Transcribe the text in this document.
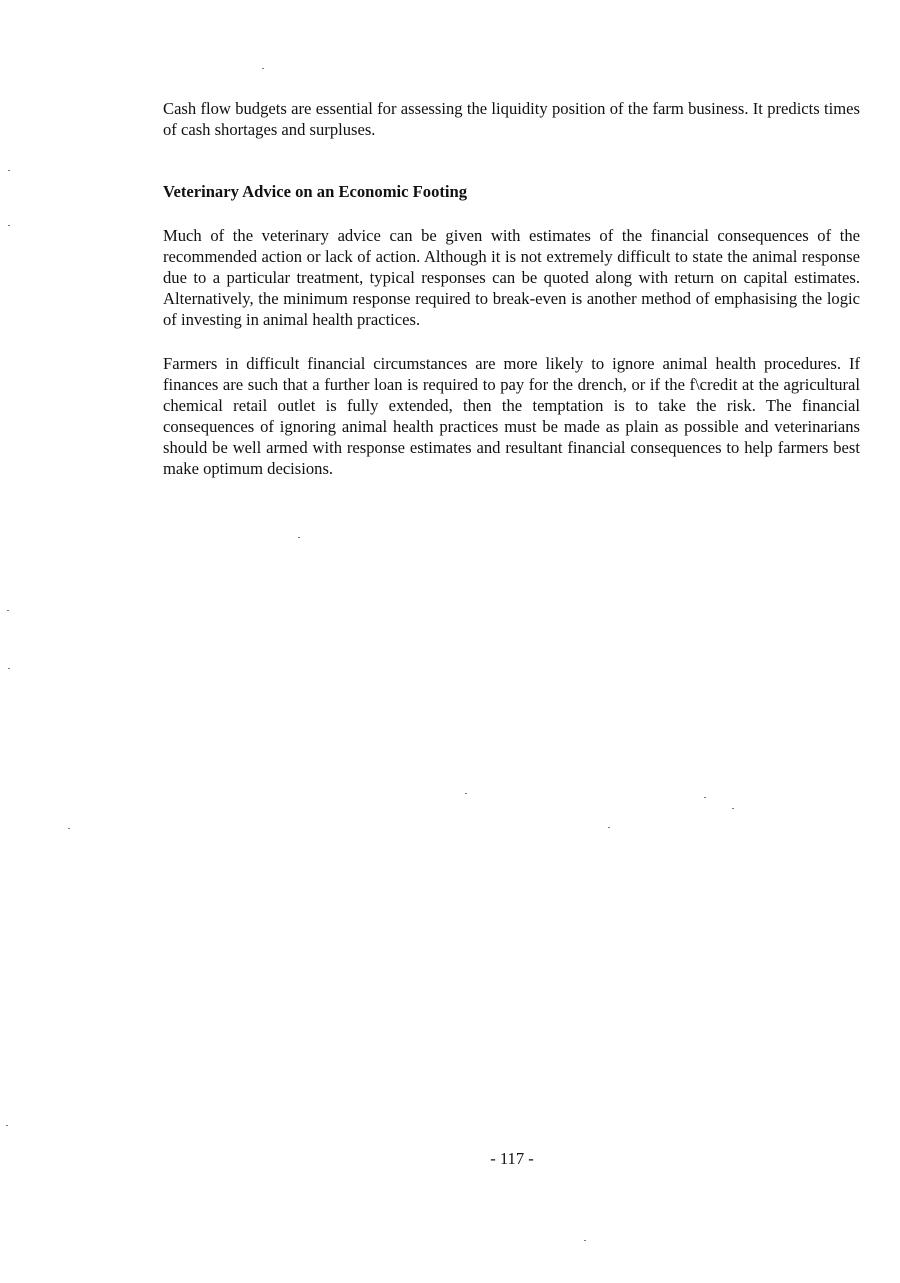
Cash flow budgets are essential for assessing the liquidity position of the farm business. It predicts times of cash shortages and surpluses.

Veterinary Advice on an Economic Footing

Much of the veterinary advice can be given with estimates of the financial consequences of the recommended action or lack of action. Although it is not extremely difficult to state the animal response due to a particular treatment, typical responses can be quoted along with return on capital estimates. Alternatively, the minimum response required to break-even is another method of emphasising the logic of investing in animal health practices.

Farmers in difficult financial circumstances are more likely to ignore animal health procedures. If finances are such that a further loan is required to pay for the drench, or if the f\credit at the agricultural chemical retail outlet is fully extended, then the temptation is to take the risk. The financial consequences of ignoring animal health practices must be made as plain as possible and veterinarians should be well armed with response estimates and resultant financial consequences to help farmers best make optimum decisions.

- 117 -
